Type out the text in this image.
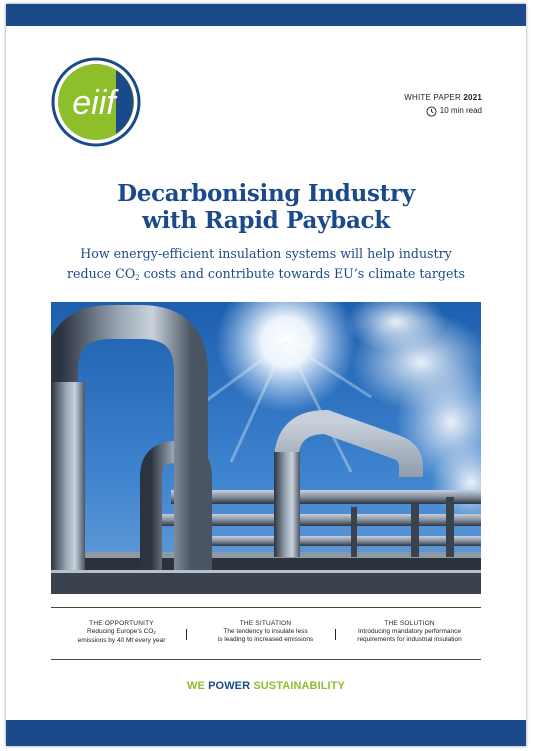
eiif	WHITE PAPER 2021
10 min read
Decarbonising Industry
with Rapid Payback
How energy-efficient insulation systems will help industry
reduce $CO_2$ costs and contribute towards EU’s climate targets
THE OPPORTUNITY
Reducing Europe’s $CO_2$
emissions by 40 Mt every year
THE SITUATION
The tendency to insulate less
is leading to increased emissions
THE SOLUTION
Introducing mandatory performance
requirements for industrial insulation
WE POWER SUSTAINABILITY
